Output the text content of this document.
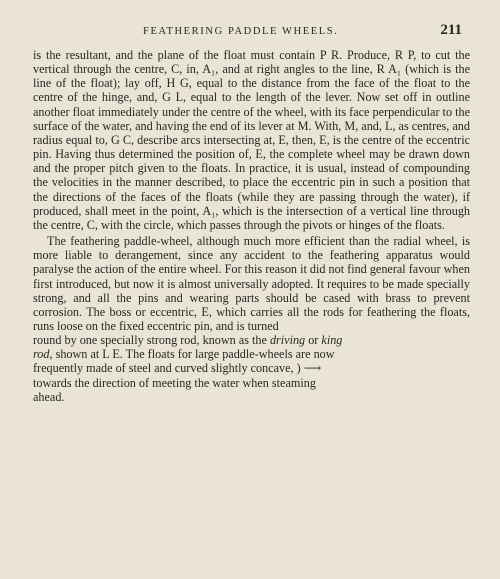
FEATHERING PADDLE WHEELS.	211

is the resultant, and the plane of the float must contain P R. Produce, R P, to cut the vertical through the centre, C, in, A₁, and at right angles to the line, R A₁ (which is the line of the float); lay off, H G, equal to the distance from the face of the float to the centre of the hinge, and, G L, equal to the length of the lever. Now set off in outline another float immediately under the centre of the wheel, with its face perpendicular to the surface of the water, and having the end of its lever at M. With, M, and, L, as centres, and radius equal to, G C, describe arcs intersecting at, E, then, E, is the centre of the eccentric pin. Having thus determined the position of, E, the complete wheel may be drawn down and the proper pitch given to the floats. In practice, it is usual, instead of compounding the velocities in the manner described, to place the eccentric pin in such a position that the directions of the faces of the floats (while they are passing through the water), if produced, shall meet in the point, A₁, which is the intersection of a vertical line through the centre, C, with the circle, which passes through the pivots or hinges of the floats.

The feathering paddle-wheel, although much more efficient than the radial wheel, is more liable to derangement, since any accident to the feathering apparatus would paralyse the action of the entire wheel. For this reason it did not find general favour when first introduced, but now it is almost universally adopted. It requires to be made specially strong, and all the pins and wearing parts should be cased with brass to prevent corrosion. The boss or eccentric, E, which carries all the rods for feathering the floats, runs loose on the fixed eccentric pin, and is turned

round by one specially strong rod, known as the driving or king
rod, shown at L E. The floats for large paddle-wheels are now
frequently made of steel and curved slightly concave, ) ⟶
towards the direction of meeting the water when steaming
ahead.
